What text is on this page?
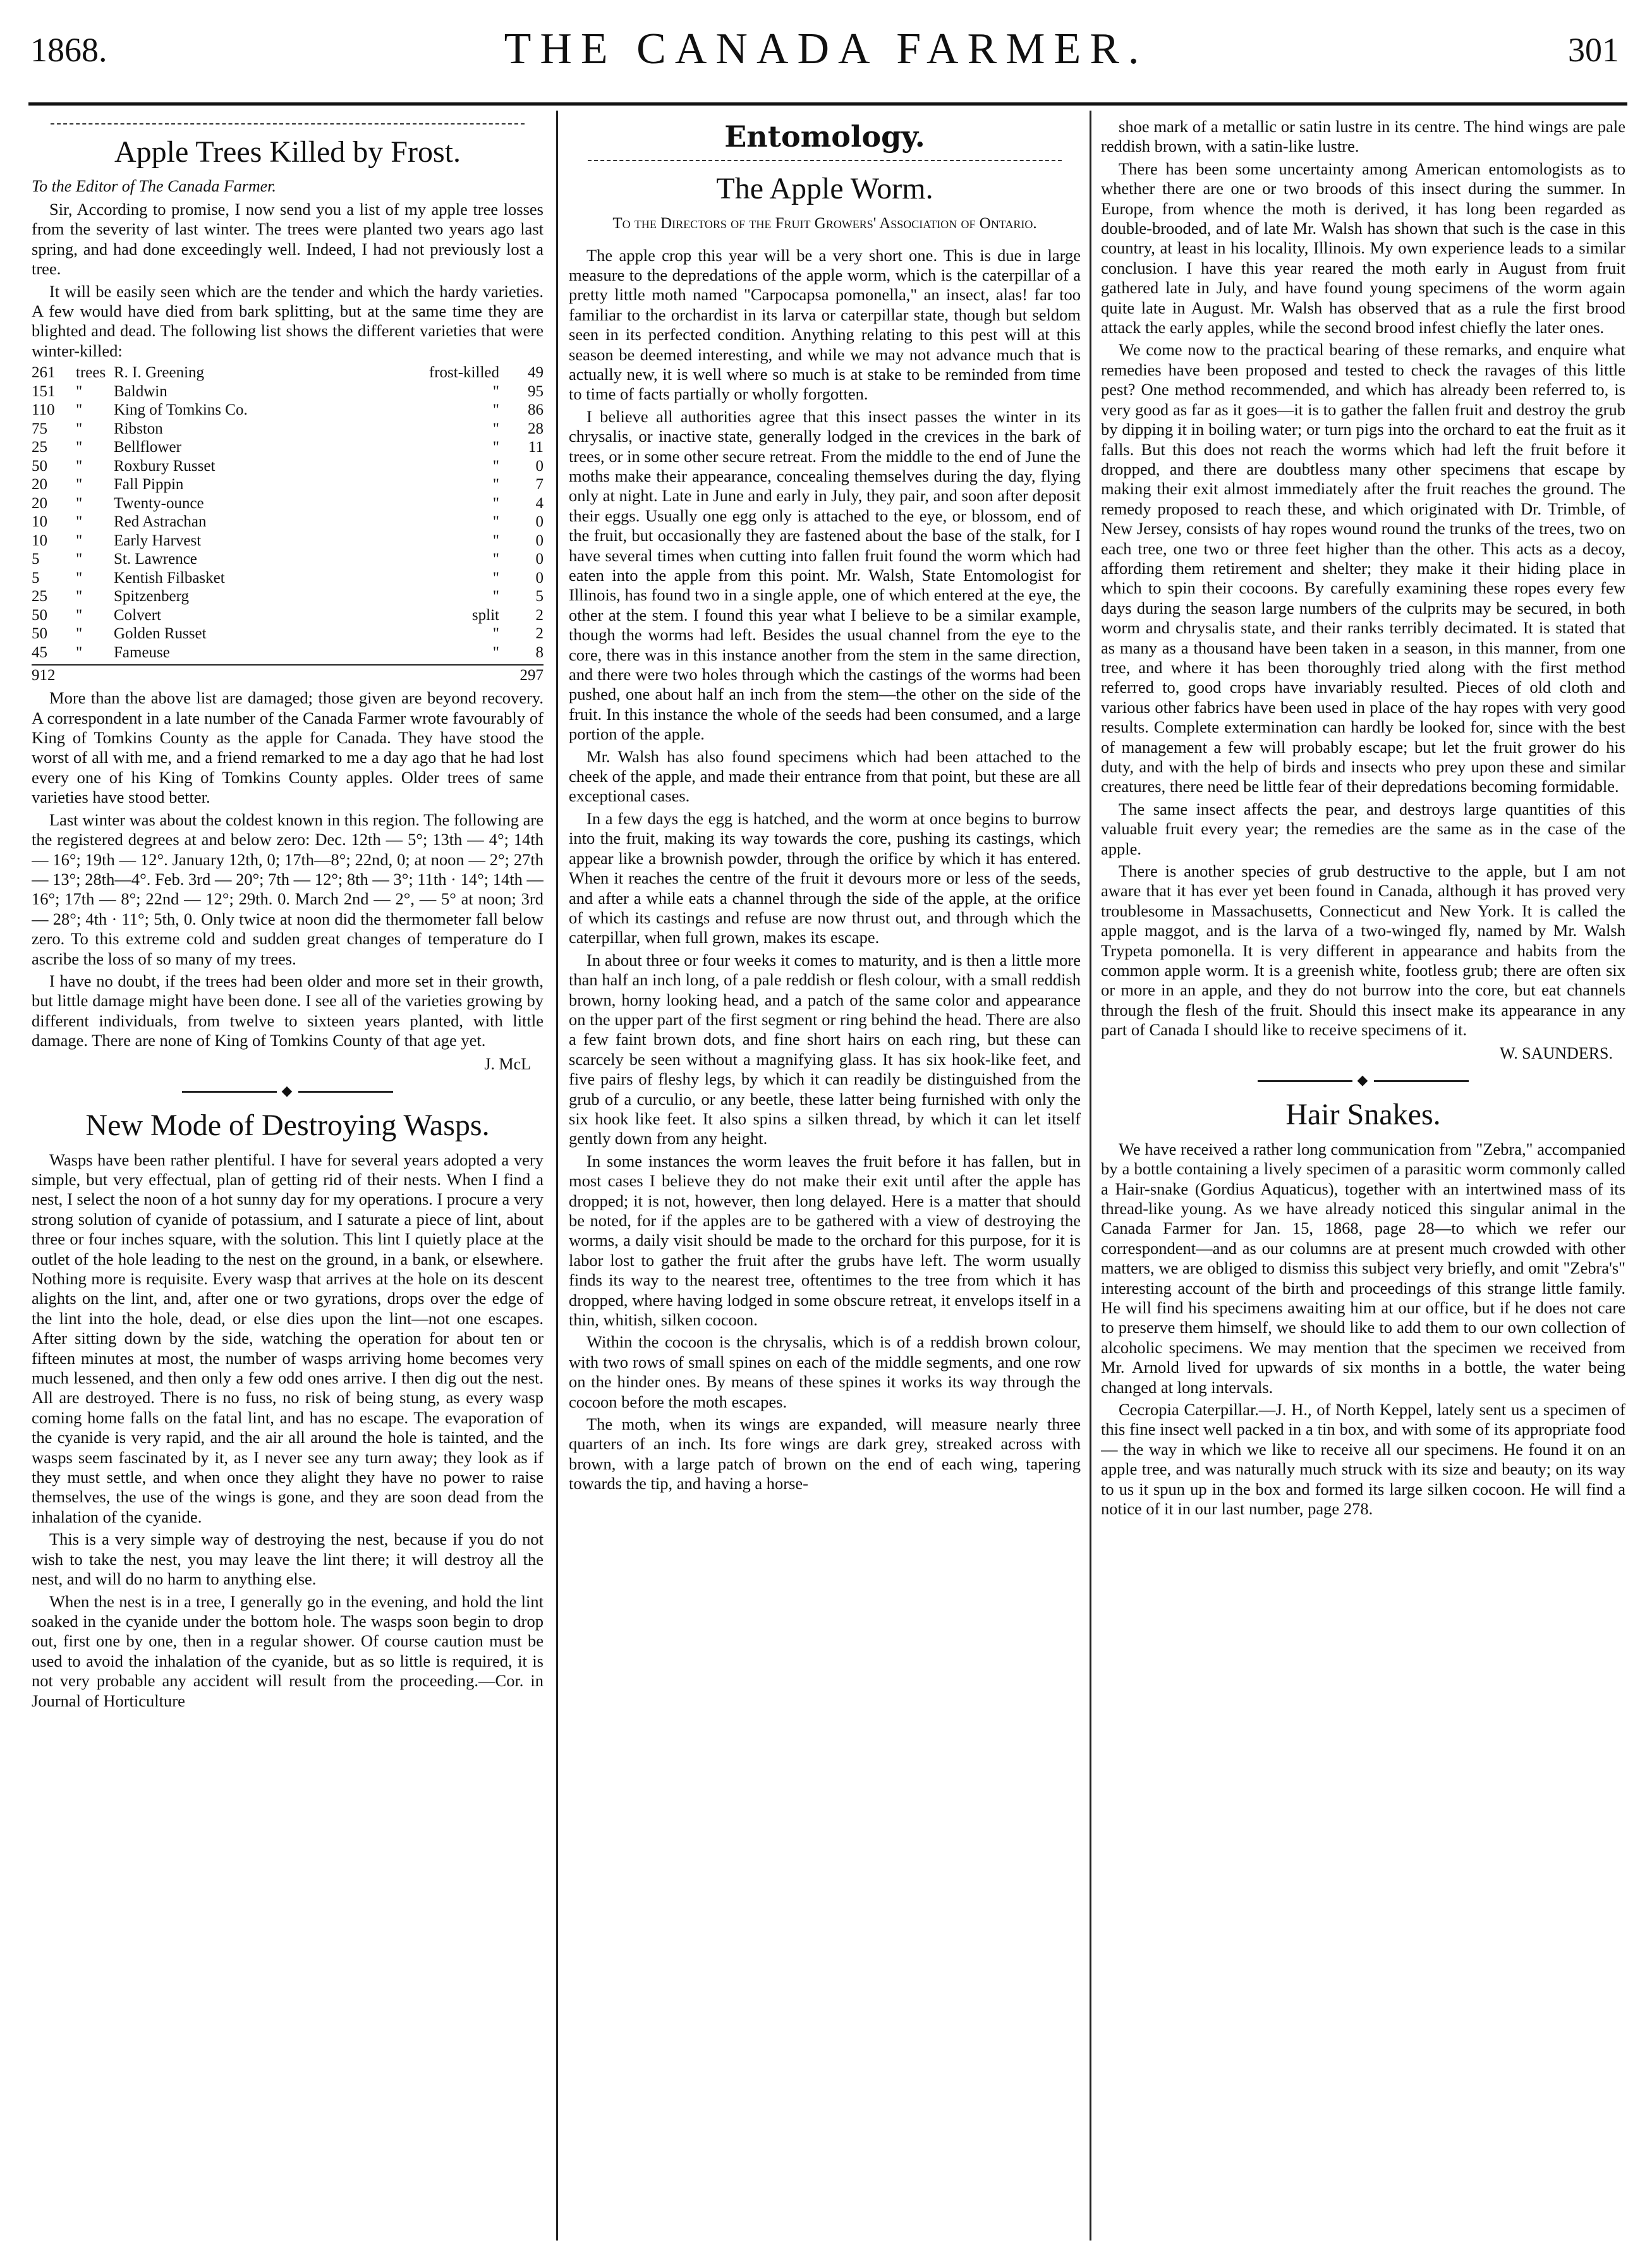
1868.	THE CANADA FARMER.	301
Apple Trees Killed by Frost.
To the Editor of The Canada Farmer.

Sir, According to promise, I now send you a list of my apple tree losses from the severity of last winter. The trees were planted two years ago last spring, and had done exceedingly well. Indeed, I had not previously lost a tree.

It will be easily seen which are the tender and which the hardy varieties. A few would have died from bark splitting, but at the same time they are blighted and dead. The following list shows the different varieties that were winter-killed:

261	trees	R. I. Greening	frost-killed	49
151	"	Baldwin	"	95
110	"	King of Tomkins Co.	"	86
75	"	Ribston	"	28
25	"	Bellflower	"	11
50	"	Roxbury Russet	"	0
20	"	Fall Pippin	"	7
20	"	Twenty-ounce	"	4
10	"	Red Astrachan	"	0
10	"	Early Harvest	"	0
5	"	St. Lawrence	"	0
5	"	Kentish Filbasket	"	0
25	"	Spitzenberg	"	5
50	"	Colvert	split	2
50	"	Golden Russet	"	2
45	"	Fameuse	"	8
912	297

More than the above list are damaged; those given are beyond recovery. A correspondent in a late number of the Canada Farmer wrote favourably of King of Tomkins County as the apple for Canada. They have stood the worst of all with me, and a friend remarked to me a day ago that he had lost every one of his King of Tomkins County apples. Older trees of same varieties have stood better.

Last winter was about the coldest known in this region. The following are the registered degrees at and below zero: Dec. 12th — 5°; 13th — 4°; 14th — 16°; 19th — 12°. January 12th, 0; 17th—8°; 22nd, 0; at noon — 2°; 27th — 13°; 28th—4°. Feb. 3rd — 20°; 7th — 12°; 8th — 3°; 11th · 14°; 14th — 16°; 17th — 8°; 22nd — 12°; 29th. 0. March 2nd — 2°, — 5° at noon; 3rd — 28°; 4th · 11°; 5th, 0. Only twice at noon did the thermometer fall below zero. To this extreme cold and sudden great changes of temperature do I ascribe the loss of so many of my trees.

I have no doubt, if the trees had been older and more set in their growth, but little damage might have been done. I see all of the varieties growing by different individuals, from twelve to sixteen years planted, with little damage. There are none of King of Tomkins County of that age yet.

J. McL
◆
New Mode of Destroying Wasps.

Wasps have been rather plentiful. I have for several years adopted a very simple, but very effectual, plan of getting rid of their nests. When I find a nest, I select the noon of a hot sunny day for my operations. I procure a very strong solution of cyanide of potassium, and I saturate a piece of lint, about three or four inches square, with the solution. This lint I quietly place at the outlet of the hole leading to the nest on the ground, in a bank, or elsewhere. Nothing more is requisite. Every wasp that arrives at the hole on its descent alights on the lint, and, after one or two gyrations, drops over the edge of the lint into the hole, dead, or else dies upon the lint—not one escapes. After sitting down by the side, watching the operation for about ten or fifteen minutes at most, the number of wasps arriving home becomes very much lessened, and then only a few odd ones arrive. I then dig out the nest. All are destroyed. There is no fuss, no risk of being stung, as every wasp coming home falls on the fatal lint, and has no escape. The evaporation of the cyanide is very rapid, and the air all around the hole is tainted, and the wasps seem fascinated by it, as I never see any turn away; they look as if they must settle, and when once they alight they have no power to raise themselves, the use of the wings is gone, and they are soon dead from the inhalation of the cyanide.

This is a very simple way of destroying the nest, because if you do not wish to take the nest, you may leave the lint there; it will destroy all the nest, and will do no harm to anything else.

When the nest is in a tree, I generally go in the evening, and hold the lint soaked in the cyanide under the bottom hole. The wasps soon begin to drop out, first one by one, then in a regular shower. Of course caution must be used to avoid the inhalation of the cyanide, but as so little is required, it is not very probable any accident will result from the proceeding.—Cor. in Journal of Horticulture

Entomology.
The Apple Worm.
To the Directors of the Fruit Growers' Association of Ontario.

The apple crop this year will be a very short one. This is due in large measure to the depredations of the apple worm, which is the caterpillar of a pretty little moth named "Carpocapsa pomonella," an insect, alas! far too familiar to the orchardist in its larva or caterpillar state, though but seldom seen in its perfected condition. Anything relating to this pest will at this season be deemed interesting, and while we may not advance much that is actually new, it is well where so much is at stake to be reminded from time to time of facts partially or wholly forgotten.

I believe all authorities agree that this insect passes the winter in its chrysalis, or inactive state, generally lodged in the crevices in the bark of trees, or in some other secure retreat. From the middle to the end of June the moths make their appearance, concealing themselves during the day, flying only at night. Late in June and early in July, they pair, and soon after deposit their eggs. Usually one egg only is attached to the eye, or blossom, end of the fruit, but occasionally they are fastened about the base of the stalk, for I have several times when cutting into fallen fruit found the worm which had eaten into the apple from this point. Mr. Walsh, State Entomologist for Illinois, has found two in a single apple, one of which entered at the eye, the other at the stem. I found this year what I believe to be a similar example, though the worms had left. Besides the usual channel from the eye to the core, there was in this instance another from the stem in the same direction, and there were two holes through which the castings of the worms had been pushed, one about half an inch from the stem—the other on the side of the fruit. In this instance the whole of the seeds had been consumed, and a large portion of the apple.

Mr. Walsh has also found specimens which had been attached to the cheek of the apple, and made their entrance from that point, but these are all exceptional cases.

In a few days the egg is hatched, and the worm at once begins to burrow into the fruit, making its way towards the core, pushing its castings, which appear like a brownish powder, through the orifice by which it has entered. When it reaches the centre of the fruit it devours more or less of the seeds, and after a while eats a channel through the side of the apple, at the orifice of which its castings and refuse are now thrust out, and through which the caterpillar, when full grown, makes its escape.

In about three or four weeks it comes to maturity, and is then a little more than half an inch long, of a pale reddish or flesh colour, with a small reddish brown, horny looking head, and a patch of the same color and appearance on the upper part of the first segment or ring behind the head. There are also a few faint brown dots, and fine short hairs on each ring, but these can scarcely be seen without a magnifying glass. It has six hook-like feet, and five pairs of fleshy legs, by which it can readily be distinguished from the grub of a curculio, or any beetle, these latter being furnished with only the six hook like feet. It also spins a silken thread, by which it can let itself gently down from any height.

In some instances the worm leaves the fruit before it has fallen, but in most cases I believe they do not make their exit until after the apple has dropped; it is not, however, then long delayed. Here is a matter that should be noted, for if the apples are to be gathered with a view of destroying the worms, a daily visit should be made to the orchard for this purpose, for it is labor lost to gather the fruit after the grubs have left. The worm usually finds its way to the nearest tree, oftentimes to the tree from which it has dropped, where having lodged in some obscure retreat, it envelops itself in a thin, whitish, silken cocoon.

Within the cocoon is the chrysalis, which is of a reddish brown colour, with two rows of small spines on each of the middle segments, and one row on the hinder ones. By means of these spines it works its way through the cocoon before the moth escapes.

The moth, when its wings are expanded, will measure nearly three quarters of an inch. Its fore wings are dark grey, streaked across with brown, with a large patch of brown on the end of each wing, tapering towards the tip, and having a horse-

shoe mark of a metallic or satin lustre in its centre. The hind wings are pale reddish brown, with a satin-like lustre.

There has been some uncertainty among American entomologists as to whether there are one or two broods of this insect during the summer. In Europe, from whence the moth is derived, it has long been regarded as double-brooded, and of late Mr. Walsh has shown that such is the case in this country, at least in his locality, Illinois. My own experience leads to a similar conclusion. I have this year reared the moth early in August from fruit gathered late in July, and have found young specimens of the worm again quite late in August. Mr. Walsh has observed that as a rule the first brood attack the early apples, while the second brood infest chiefly the later ones.

We come now to the practical bearing of these remarks, and enquire what remedies have been proposed and tested to check the ravages of this little pest? One method recommended, and which has already been referred to, is very good as far as it goes—it is to gather the fallen fruit and destroy the grub by dipping it in boiling water; or turn pigs into the orchard to eat the fruit as it falls. But this does not reach the worms which had left the fruit before it dropped, and there are doubtless many other specimens that escape by making their exit almost immediately after the fruit reaches the ground. The remedy proposed to reach these, and which originated with Dr. Trimble, of New Jersey, consists of hay ropes wound round the trunks of the trees, two on each tree, one two or three feet higher than the other. This acts as a decoy, affording them retirement and shelter; they make it their hiding place in which to spin their cocoons. By carefully examining these ropes every few days during the season large numbers of the culprits may be secured, in both worm and chrysalis state, and their ranks terribly decimated. It is stated that as many as a thousand have been taken in a season, in this manner, from one tree, and where it has been thoroughly tried along with the first method referred to, good crops have invariably resulted. Pieces of old cloth and various other fabrics have been used in place of the hay ropes with very good results. Complete extermination can hardly be looked for, since with the best of management a few will probably escape; but let the fruit grower do his duty, and with the help of birds and insects who prey upon these and similar creatures, there need be little fear of their depredations becoming formidable.

The same insect affects the pear, and destroys large quantities of this valuable fruit every year; the remedies are the same as in the case of the apple.

There is another species of grub destructive to the apple, but I am not aware that it has ever yet been found in Canada, although it has proved very troublesome in Massachusetts, Connecticut and New York. It is called the apple maggot, and is the larva of a two-winged fly, named by Mr. Walsh Trypeta pomonella. It is very different in appearance and habits from the common apple worm. It is a greenish white, footless grub; there are often six or more in an apple, and they do not burrow into the core, but eat channels through the flesh of the fruit. Should this insect make its appearance in any part of Canada I should like to receive specimens of it.

W. SAUNDERS.
◆
Hair Snakes.

We have received a rather long communication from "Zebra," accompanied by a bottle containing a lively specimen of a parasitic worm commonly called a Hair-snake (Gordius Aquaticus), together with an intertwined mass of its thread-like young. As we have already noticed this singular animal in the Canada Farmer for Jan. 15, 1868, page 28—to which we refer our correspondent—and as our columns are at present much crowded with other matters, we are obliged to dismiss this subject very briefly, and omit "Zebra's" interesting account of the birth and proceedings of this strange little family. He will find his specimens awaiting him at our office, but if he does not care to preserve them himself, we should like to add them to our own collection of alcoholic specimens. We may mention that the specimen we received from Mr. Arnold lived for upwards of six months in a bottle, the water being changed at long intervals.

Cecropia Caterpillar.—J. H., of North Keppel, lately sent us a specimen of this fine insect well packed in a tin box, and with some of its appropriate food — the way in which we like to receive all our specimens. He found it on an apple tree, and was naturally much struck with its size and beauty; on its way to us it spun up in the box and formed its large silken cocoon. He will find a notice of it in our last number, page 278.
